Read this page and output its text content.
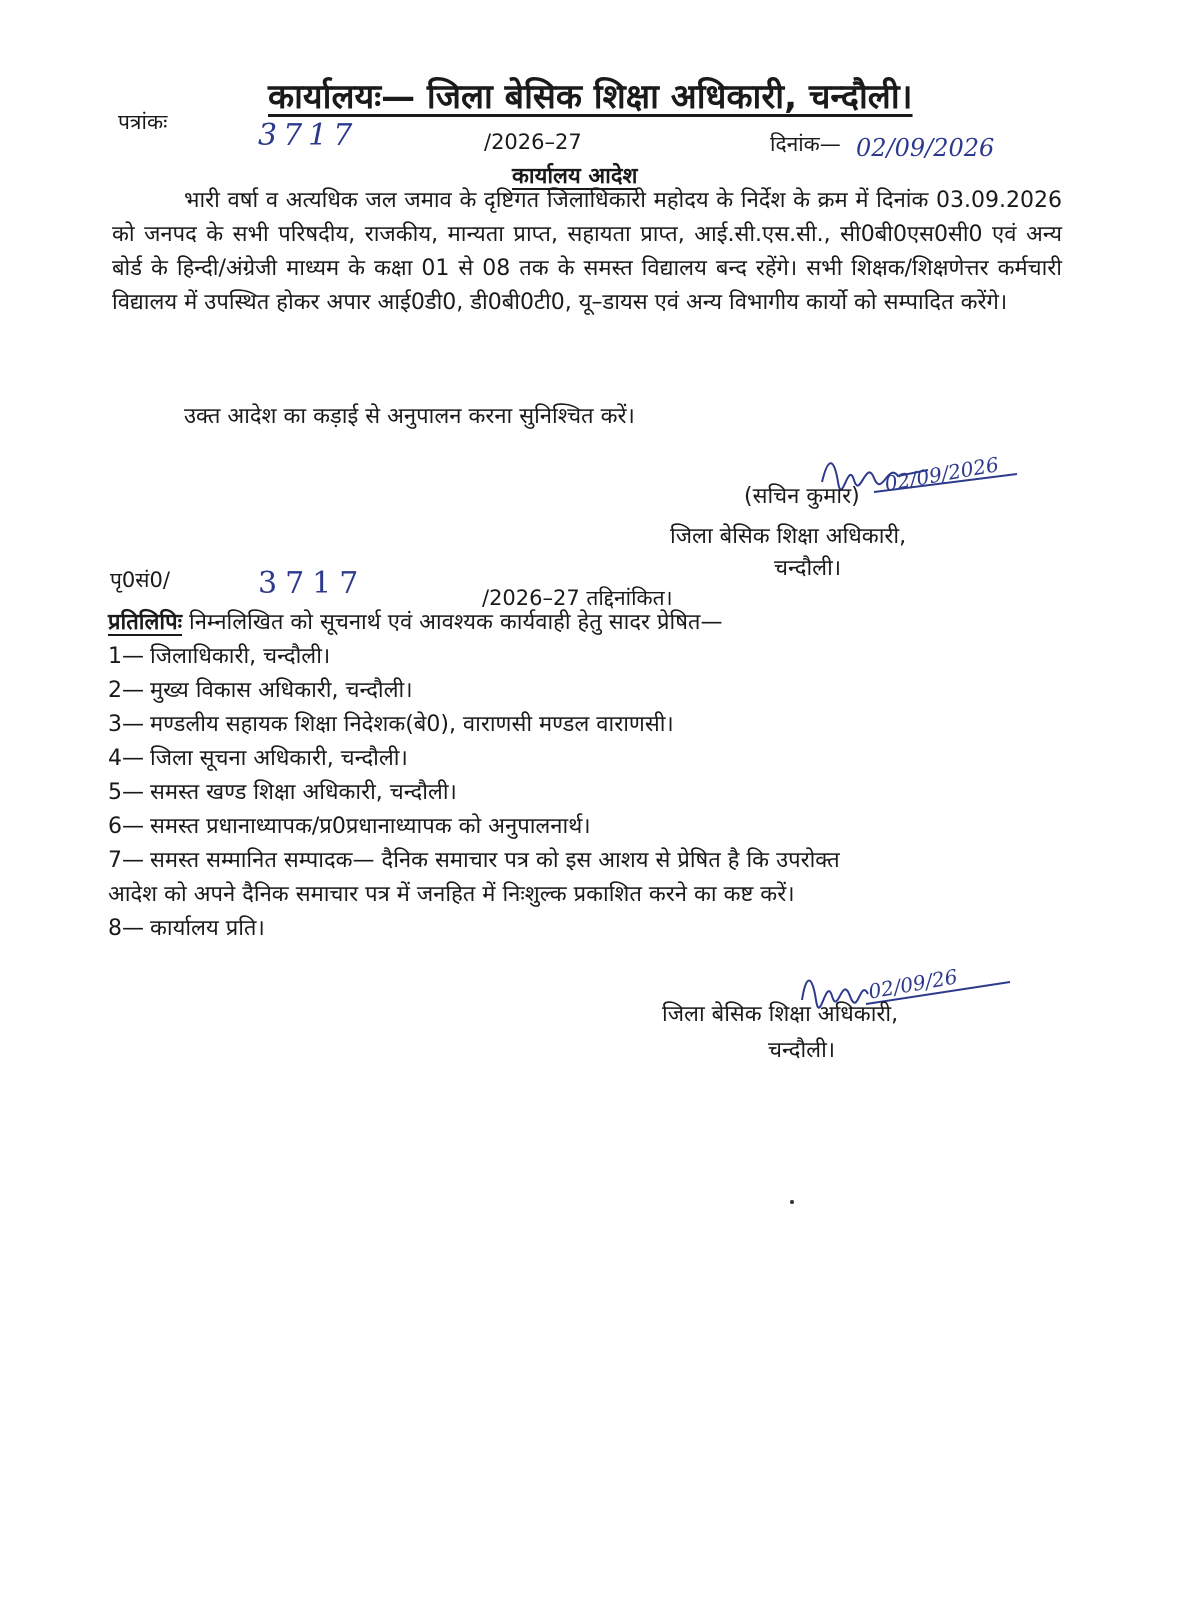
कार्यालयः— जिला बेसिक शिक्षा अधिकारी, चन्दौली।
पत्रांकः	3717	/2026–27	दिनांक— 02/09/2026
कार्यालय आदेश
भारी वर्षा व अत्यधिक जल जमाव के दृष्टिगत जिलाधिकारी महोदय के निर्देश के क्रम में दिनांक 03.09.2026 को जनपद के सभी परिषदीय, राजकीय, मान्यता प्राप्त, सहायता प्राप्त, आई.सी.एस.सी., सी0बी0एस0सी0 एवं अन्य बोर्ड के हिन्दी/अंग्रेजी माध्यम के कक्षा 01 से 08 तक के समस्त विद्यालय बन्द रहेंगे। सभी शिक्षक/शिक्षणेत्तर कर्मचारी विद्यालय में उपस्थित होकर अपार आई0डी0, डी0बी0टी0, यू–डायस एवं अन्य विभागीय कार्यो को सम्पादित करेंगे।
उक्त आदेश का कड़ाई से अनुपालन करना सुनिश्चित करें।
(सचिन कुमार)
02/09/2026
जिला बेसिक शिक्षा अधिकारी,
चन्दौली।
पृ0सं0/	3717	/2026–27 तद्दिनांकित।
प्रतिलिपिः निम्नलिखित को सूचनार्थ एवं आवश्यक कार्यवाही हेतु सादर प्रेषित—
1— जिलाधिकारी, चन्दौली।
2— मुख्य विकास अधिकारी, चन्दौली।
3— मण्डलीय सहायक शिक्षा निदेशक(बे0), वाराणसी मण्डल वाराणसी।
4— जिला सूचना अधिकारी, चन्दौली।
5— समस्त खण्ड शिक्षा अधिकारी, चन्दौली।
6— समस्त प्रधानाध्यापक/प्र0प्रधानाध्यापक को अनुपालनार्थ।
7— समस्त सम्मानित सम्पादक— दैनिक समाचार पत्र को इस आशय से प्रेषित है कि उपरोक्त
आदेश को अपने दैनिक समाचार पत्र में जनहित में निःशुल्क प्रकाशित करने का कष्ट करें।
8— कार्यालय प्रति।
02/09/26
जिला बेसिक शिक्षा अधिकारी,
चन्दौली।
